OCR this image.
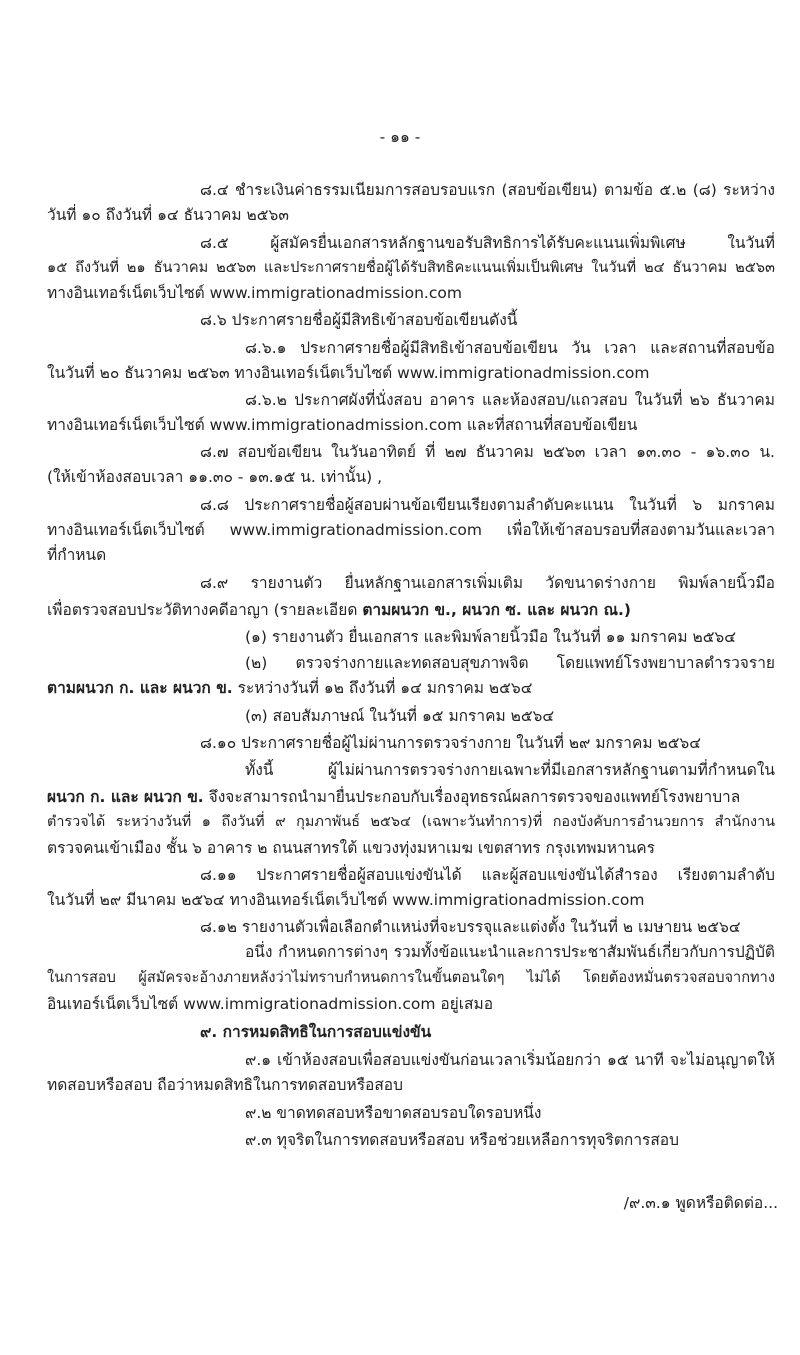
- ๑๑ -
๘.๔ ชำระเงินค่าธรรมเนียมการสอบรอบแรก (สอบข้อเขียน) ตามข้อ ๕.๒ (๘) ระหว่าง
วันที่ ๑๐ ถึงวันที่ ๑๔ ธันวาคม ๒๕๖๓
๘.๕ ผู้สมัครยื่นเอกสารหลักฐานขอรับสิทธิการได้รับคะแนนเพิ่มพิเศษ ในวันที่
๑๕ ถึงวันที่ ๒๑ ธันวาคม ๒๕๖๓ และประกาศรายชื่อผู้ได้รับสิทธิคะแนนเพิ่มเป็นพิเศษ ในวันที่ ๒๔ ธันวาคม ๒๕๖๓
ทางอินเทอร์เน็ตเว็บไซต์ www.immigrationadmission.com
๘.๖ ประกาศรายชื่อผู้มีสิทธิเข้าสอบข้อเขียนดังนี้
๘.๖.๑ ประกาศรายชื่อผู้มีสิทธิเข้าสอบข้อเขียน วัน เวลา และสถานที่สอบข้อ
ในวันที่ ๒๐ ธันวาคม ๒๕๖๓ ทางอินเทอร์เน็ตเว็บไซต์ www.immigrationadmission.com
๘.๖.๒ ประกาศผังที่นั่งสอบ อาคาร และห้องสอบ/แถวสอบ ในวันที่ ๒๖ ธันวาคม
ทางอินเทอร์เน็ตเว็บไซต์ www.immigrationadmission.com และที่สถานที่สอบข้อเขียน
๘.๗ สอบข้อเขียน ในวันอาทิตย์ ที่ ๒๗ ธันวาคม ๒๕๖๓ เวลา ๑๓.๓๐ - ๑๖.๓๐ น.
(ให้เข้าห้องสอบเวลา ๑๑.๓๐ - ๑๓.๑๕ น. เท่านั้น) ,
๘.๘ ประกาศรายชื่อผู้สอบผ่านข้อเขียนเรียงตามลำดับคะแนน ในวันที่ ๖ มกราคม
ทางอินเทอร์เน็ตเว็บไซต์ www.immigrationadmission.com เพื่อให้เข้าสอบรอบที่สองตามวันและเวลา
ที่กำหนด
๘.๙ รายงานตัว ยื่นหลักฐานเอกสารเพิ่มเติม วัดขนาดร่างกาย พิมพ์ลายนิ้วมือ
เพื่อตรวจสอบประวัติทางคดีอาญา (รายละเอียด ตามผนวก ข., ผนวก ซ. และ ผนวก ณ.)
(๑) รายงานตัว ยื่นเอกสาร และพิมพ์ลายนิ้วมือ ในวันที่ ๑๑ มกราคม ๒๕๖๔
(๒) ตรวจร่างกายและทดสอบสุขภาพจิต โดยแพทย์โรงพยาบาลตำรวจราย
ตามผนวก ก. และ ผนวก ข. ระหว่างวันที่ ๑๒ ถึงวันที่ ๑๔ มกราคม ๒๕๖๔
(๓) สอบสัมภาษณ์ ในวันที่ ๑๕ มกราคม ๒๕๖๔
๘.๑๐ ประกาศรายชื่อผู้ไม่ผ่านการตรวจร่างกาย ในวันที่ ๒๙ มกราคม ๒๕๖๔
ทั้งนี้ ผู้ไม่ผ่านการตรวจร่างกายเฉพาะที่มีเอกสารหลักฐานตามที่กำหนดใน
ผนวก ก. และ ผนวก ข. จึงจะสามารถนำมายื่นประกอบกับเรื่องอุทธรณ์ผลการตรวจของแพทย์โรงพยาบาล
ตำรวจได้ ระหว่างวันที่ ๑ ถึงวันที่ ๙ กุมภาพันธ์ ๒๕๖๔ (เฉพาะวันทำการ)ที่ กองบังคับการอำนวยการ สำนักงาน
ตรวจคนเข้าเมือง ชั้น ๖ อาคาร ๒ ถนนสาทรใต้ แขวงทุ่งมหาเมฆ เขตสาทร กรุงเทพมหานคร
๘.๑๑ ประกาศรายชื่อผู้สอบแข่งขันได้ และผู้สอบแข่งขันได้สำรอง เรียงตามลำดับ
ในวันที่ ๒๙ มีนาคม ๒๕๖๔ ทางอินเทอร์เน็ตเว็บไซต์ www.immigrationadmission.com
๘.๑๒ รายงานตัวเพื่อเลือกตำแหน่งที่จะบรรจุและแต่งตั้ง ในวันที่ ๒ เมษายน ๒๕๖๔
อนึ่ง กำหนดการต่างๆ รวมทั้งข้อแนะนำและการประชาสัมพันธ์เกี่ยวกับการปฏิบัติ
ในการสอบ ผู้สมัครจะอ้างภายหลังว่าไม่ทราบกำหนดการในขั้นตอนใดๆ ไม่ได้ โดยต้องหมั่นตรวจสอบจากทาง
อินเทอร์เน็ตเว็บไซต์ www.immigrationadmission.com อยู่เสมอ
๙. การหมดสิทธิในการสอบแข่งขัน
๙.๑ เข้าห้องสอบเพื่อสอบแข่งขันก่อนเวลาเริ่มน้อยกว่า ๑๕ นาที จะไม่อนุญาตให้
ทดสอบหรือสอบ ถือว่าหมดสิทธิในการทดสอบหรือสอบ
๙.๒ ขาดทดสอบหรือขาดสอบรอบใดรอบหนึ่ง
๙.๓ ทุจริตในการทดสอบหรือสอบ หรือช่วยเหลือการทุจริตการสอบ
/๙.๓.๑ พูดหรือติดต่อ...
